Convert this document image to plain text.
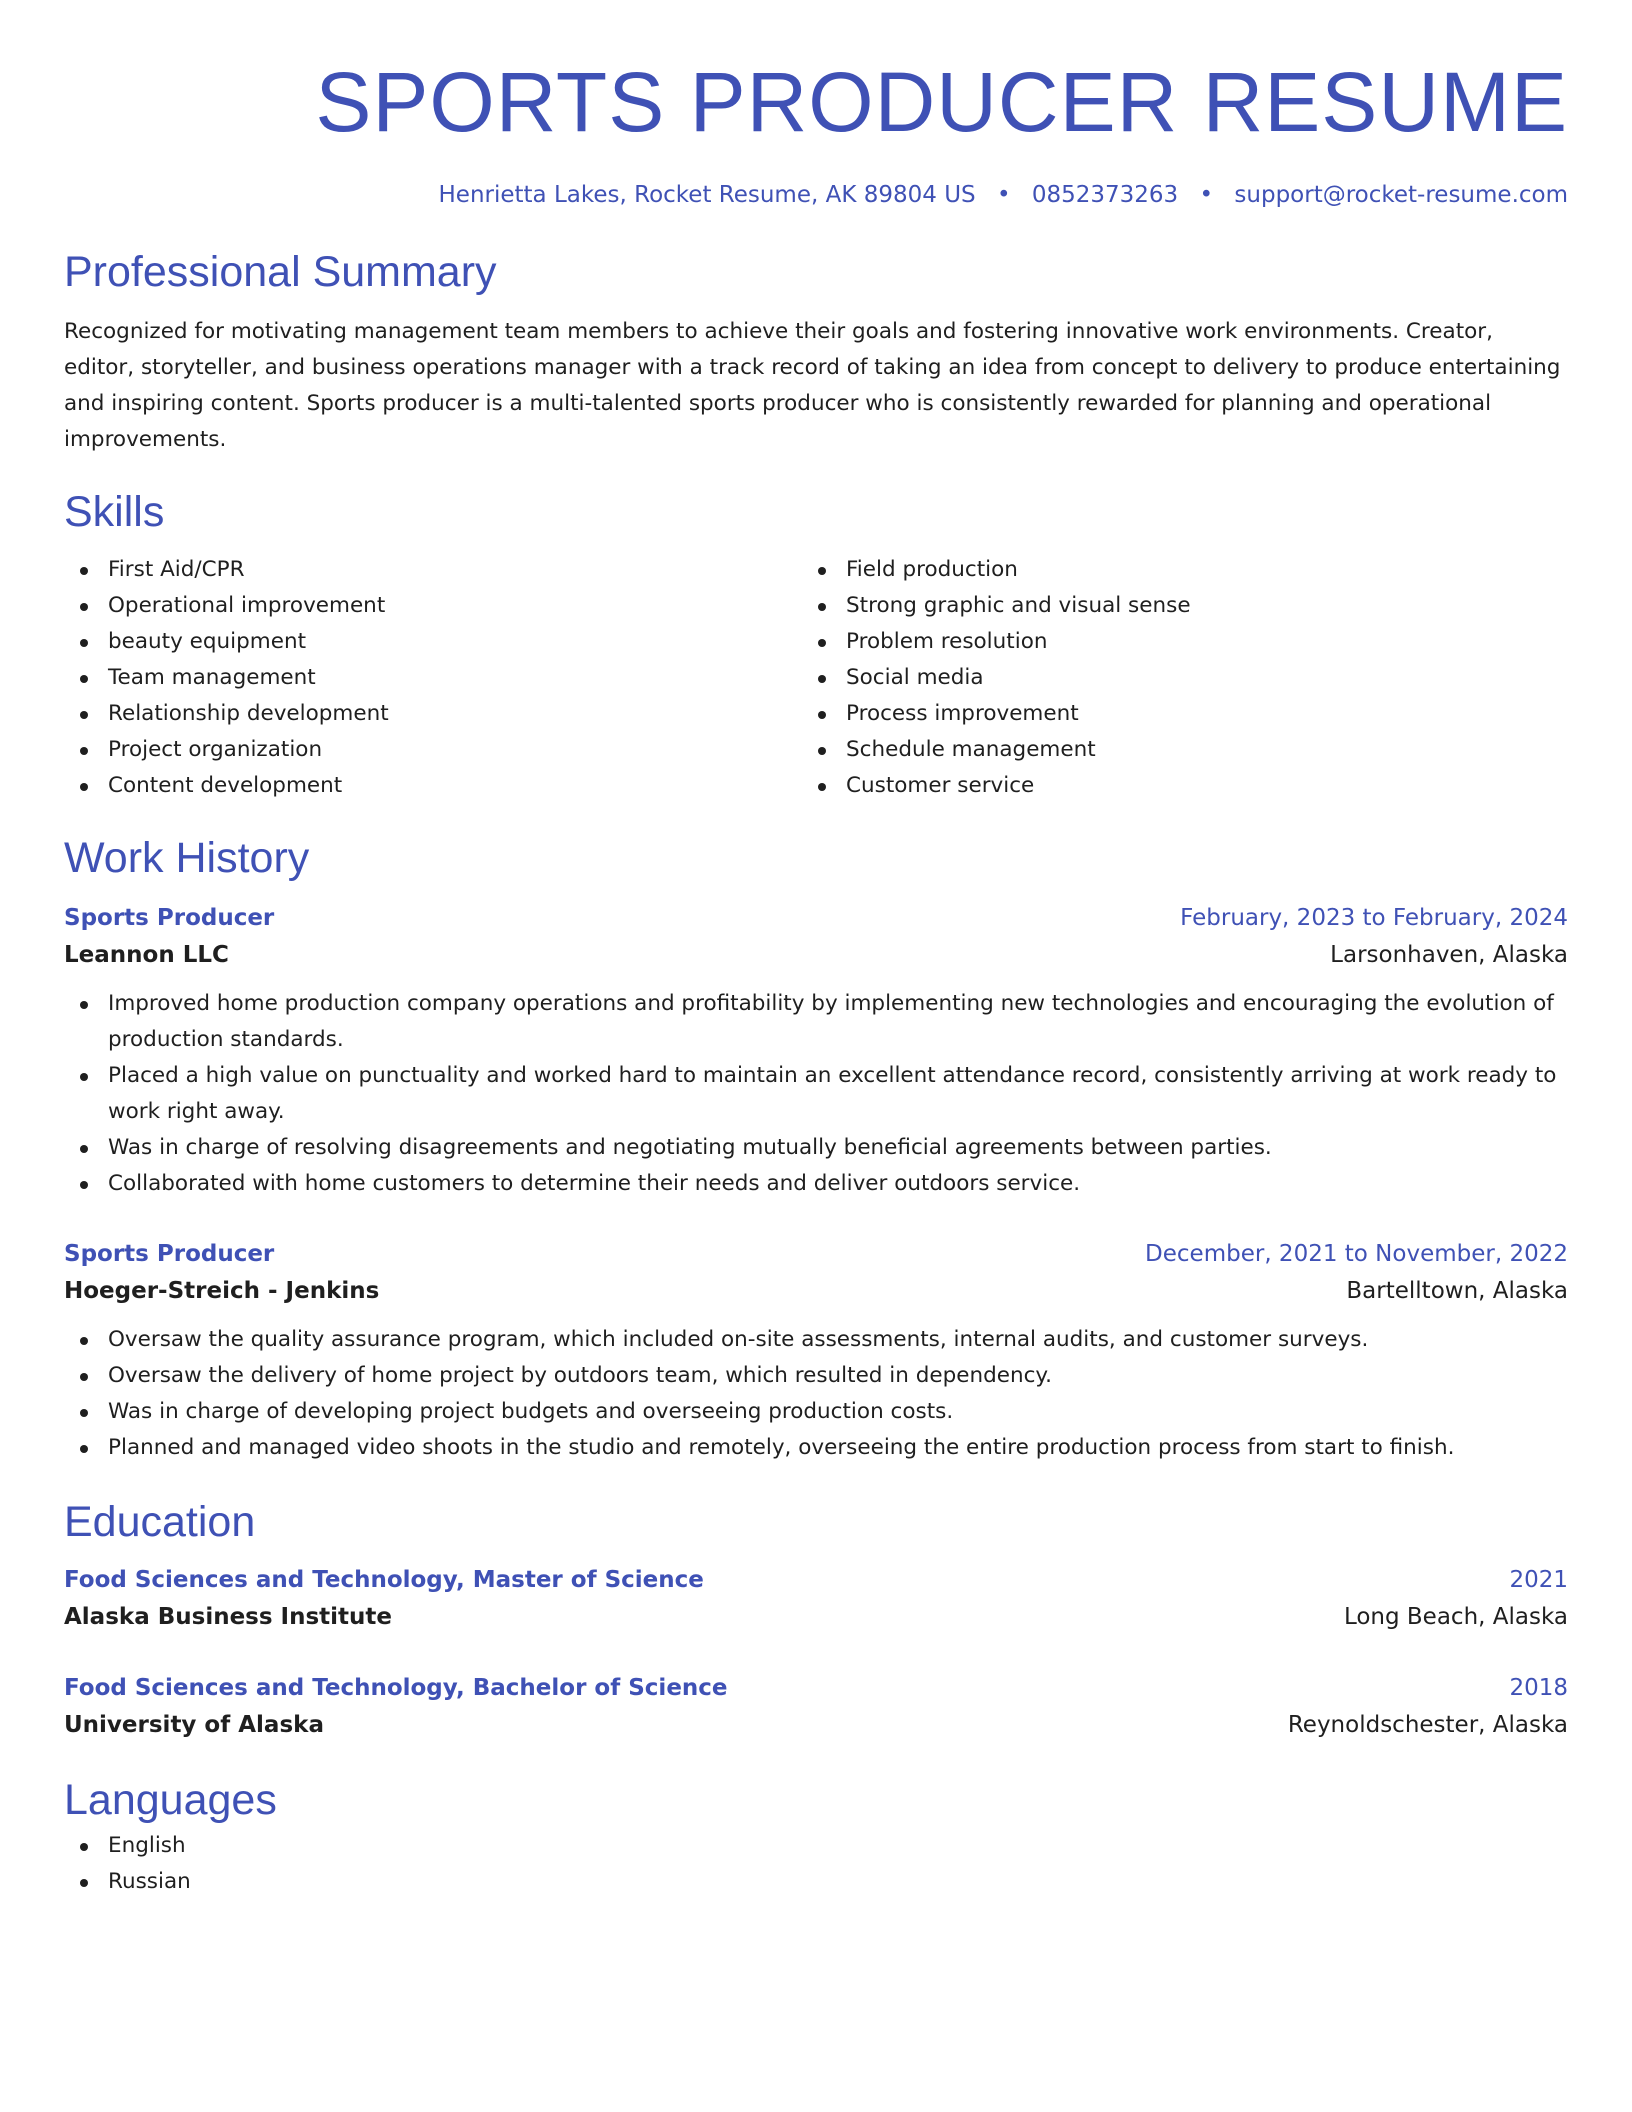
SPORTS PRODUCER RESUME
Henrietta Lakes, Rocket Resume, AK 89804 US • 0852373263 • support@rocket-resume.com
Professional Summary

Recognized for motivating management team members to achieve their goals and fostering innovative work environments. Creator, editor, storyteller, and business operations manager with a track record of taking an idea from concept to delivery to produce entertaining and inspiring content. Sports producer is a multi-talented sports producer who is consistently rewarded for planning and operational improvements.

Skills
First Aid/CPR
Operational improvement
beauty equipment
Team management
Relationship development
Project organization
Content development
Field production
Strong graphic and visual sense
Problem resolution
Social media
Process improvement
Schedule management
Customer service
Work History
Sports Producer	February, 2023 to February, 2024
Leannon LLC	Larsonhaven, Alaska
Improved home production company operations and profitability by implementing new technologies and encouraging the evolution of production standards.
Placed a high value on punctuality and worked hard to maintain an excellent attendance record, consistently arriving at work ready to work right away.
Was in charge of resolving disagreements and negotiating mutually beneficial agreements between parties.
Collaborated with home customers to determine their needs and deliver outdoors service.
Sports Producer	December, 2021 to November, 2022
Hoeger-Streich - Jenkins	Bartelltown, Alaska
Oversaw the quality assurance program, which included on-site assessments, internal audits, and customer surveys.
Oversaw the delivery of home project by outdoors team, which resulted in dependency.
Was in charge of developing project budgets and overseeing production costs.
Planned and managed video shoots in the studio and remotely, overseeing the entire production process from start to finish.
Education
Food Sciences and Technology, Master of Science	2021
Alaska Business Institute	Long Beach, Alaska
Food Sciences and Technology, Bachelor of Science	2018
University of Alaska	Reynoldschester, Alaska
Languages
English
Russian
